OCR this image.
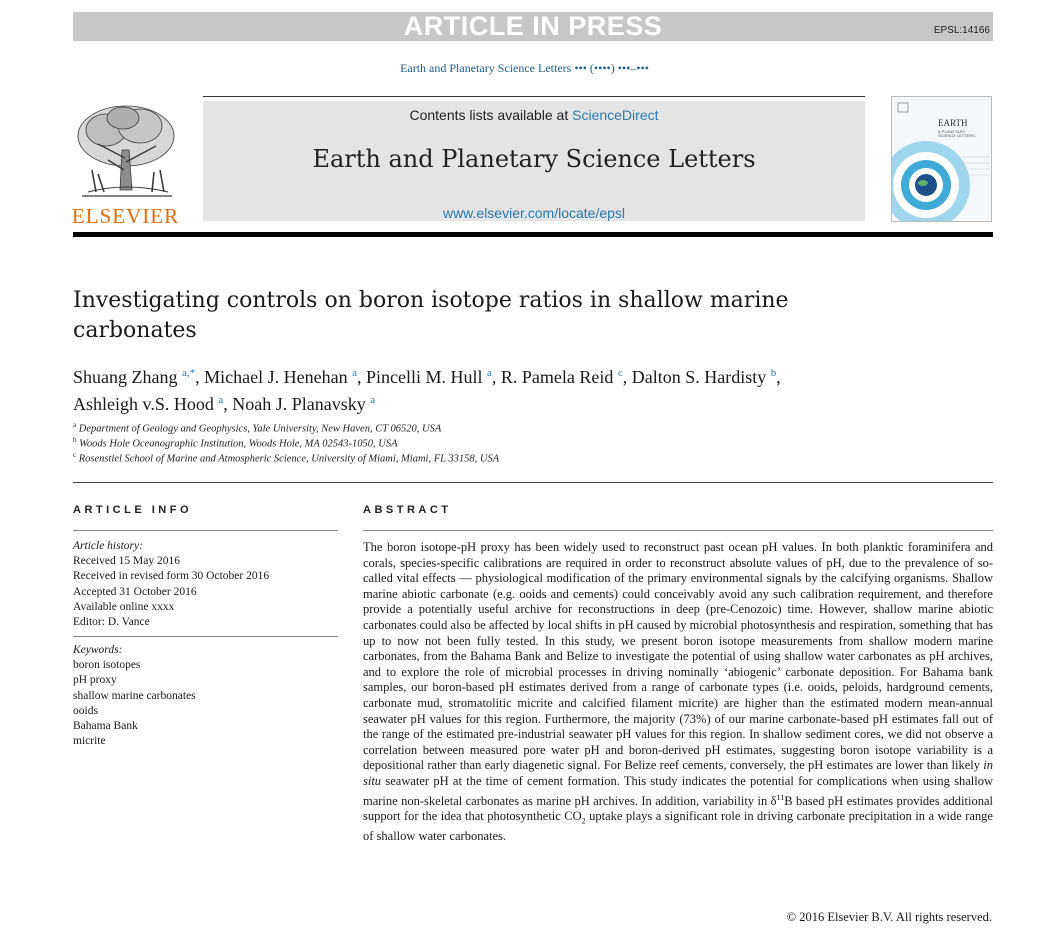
ARTICLE IN PRESS	EPSL:14166
Earth and Planetary Science Letters ••• (••••) •••–•••
ELSEVIER
Contents lists available at ScienceDirect
Earth and Planetary Science Letters
www.elsevier.com/locate/epsl
EARTH
& PLANETARY
SCIENCE LETTERS
Investigating controls on boron isotope ratios in shallow marine carbonates
Shuang Zhang $^{a,*}$, Michael J. Henehan $^a$, Pincelli M. Hull $^a$, R. Pamela Reid $^c$, Dalton S. Hardisty $^b$, Ashleigh v.S. Hood $^a$, Noah J. Planavsky $^a$
$^a$ Department of Geology and Geophysics, Yale University, New Haven, CT 06520, USA
$^b$ Woods Hole Oceanographic Institution, Woods Hole, MA 02543-1050, USA
$^c$ Rosenstiel School of Marine and Atmospheric Science, University of Miami, Miami, FL 33158, USA
ARTICLE INFO	ABSTRACT
Article history:
Received 15 May 2016
Received in revised form 30 October 2016
Accepted 31 October 2016
Available online xxxx
Editor: D. Vance
Keywords:
boron isotopes
pH proxy
shallow marine carbonates
ooids
Bahama Bank
micrite
The boron isotope-pH proxy has been widely used to reconstruct past ocean pH values. In both planktic foraminifera and corals, species-specific calibrations are required in order to reconstruct absolute values of pH, due to the prevalence of so-called vital effects — physiological modification of the primary environmental signals by the calcifying organisms. Shallow marine abiotic carbonate (e.g. ooids and cements) could conceivably avoid any such calibration requirement, and therefore provide a potentially useful archive for reconstructions in deep (pre-Cenozoic) time. However, shallow marine abiotic carbonates could also be affected by local shifts in pH caused by microbial photosynthesis and respiration, something that has up to now not been fully tested. In this study, we present boron isotope measurements from shallow modern marine carbonates, from the Bahama Bank and Belize to investigate the potential of using shallow water carbonates as pH archives, and to explore the role of microbial processes in driving nominally ‘abiogenic’ carbonate deposition. For Bahama bank samples, our boron-based pH estimates derived from a range of carbonate types (i.e. ooids, peloids, hardground cements, carbonate mud, stromatolitic micrite and calcified filament micrite) are higher than the estimated modern mean-annual seawater pH values for this region. Furthermore, the majority (73%) of our marine carbonate-based pH estimates fall out of the range of the estimated pre-industrial seawater pH values for this region. In shallow sediment cores, we did not observe a correlation between measured pore water pH and boron-derived pH estimates, suggesting boron isotope variability is a depositional rather than early diagenetic signal. For Belize reef cements, conversely, the pH estimates are lower than likely in situ seawater pH at the time of cement formation. This study indicates the potential for complications when using shallow marine non-skeletal carbonates as marine pH archives. In addition, variability in $\delta^{11}B$ based pH estimates provides additional support for the idea that photosynthetic $CO_2$ uptake plays a significant role in driving carbonate precipitation in a wide range of shallow water carbonates.
© 2016 Elsevier B.V. All rights reserved.
